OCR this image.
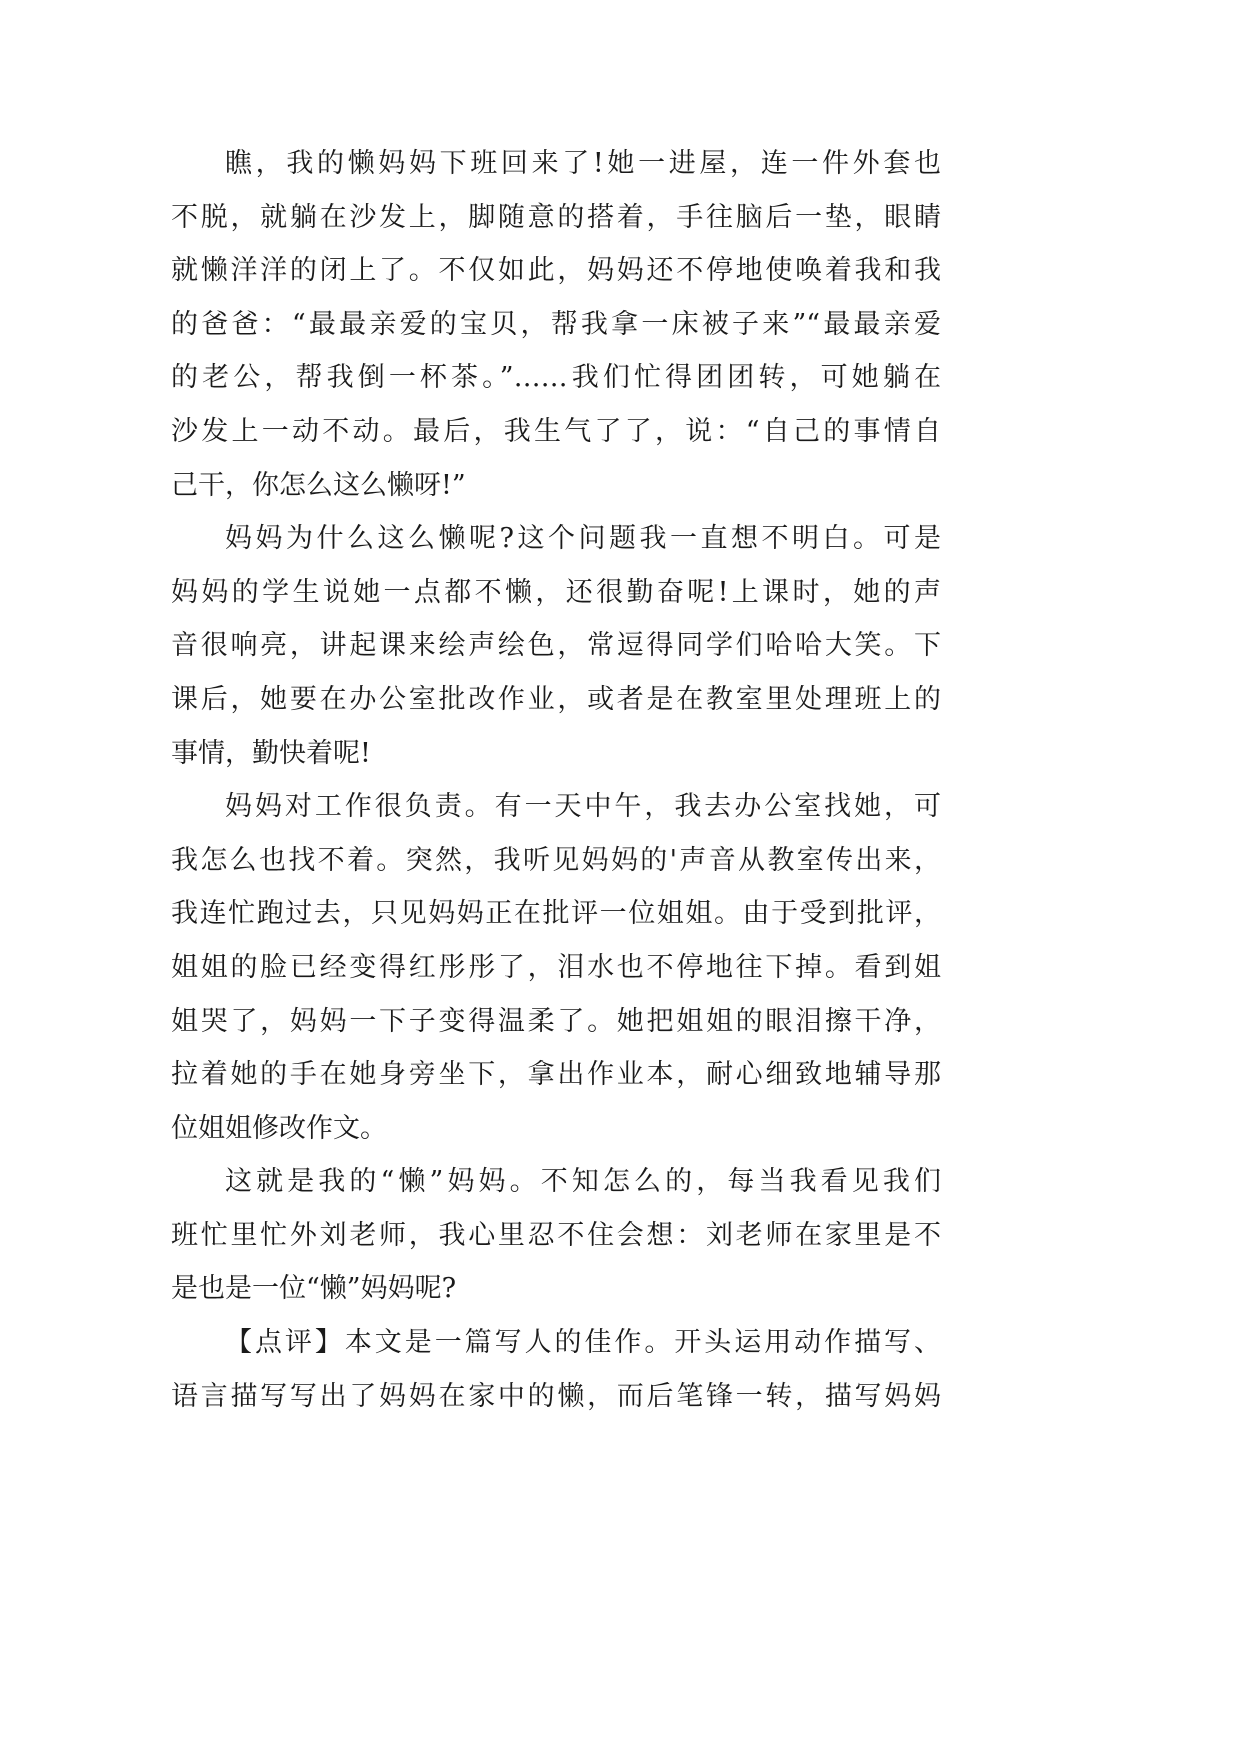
瞧，我的懒妈妈下班回来了!她一进屋，连一件外套也
不脱，就躺在沙发上，脚随意的搭着，手往脑后一垫，眼睛
就懒洋洋的闭上了。不仅如此，妈妈还不停地使唤着我和我
的爸爸：“最最亲爱的宝贝，帮我拿一床被子来”“最最亲爱
的老公，帮我倒一杯茶。”……我们忙得团团转，可她躺在
沙发上一动不动。最后，我生气了了，说：“自己的事情自
己干，你怎么这么懒呀!”
妈妈为什么这么懒呢?这个问题我一直想不明白。可是
妈妈的学生说她一点都不懒，还很勤奋呢!上课时，她的声
音很响亮，讲起课来绘声绘色，常逗得同学们哈哈大笑。下
课后，她要在办公室批改作业，或者是在教室里处理班上的
事情，勤快着呢!
妈妈对工作很负责。有一天中午，我去办公室找她，可
我怎么也找不着。突然，我听见妈妈的'声音从教室传出来，
我连忙跑过去，只见妈妈正在批评一位姐姐。由于受到批评，
姐姐的脸已经变得红彤彤了，泪水也不停地往下掉。看到姐
姐哭了，妈妈一下子变得温柔了。她把姐姐的眼泪擦干净，
拉着她的手在她身旁坐下，拿出作业本，耐心细致地辅导那
位姐姐修改作文。
这就是我的“懒”妈妈。不知怎么的，每当我看见我们
班忙里忙外刘老师，我心里忍不住会想：刘老师在家里是不
是也是一位“懒”妈妈呢?
【点评】本文是一篇写人的佳作。开头运用动作描写、
语言描写写出了妈妈在家中的懒，而后笔锋一转，描写妈妈
